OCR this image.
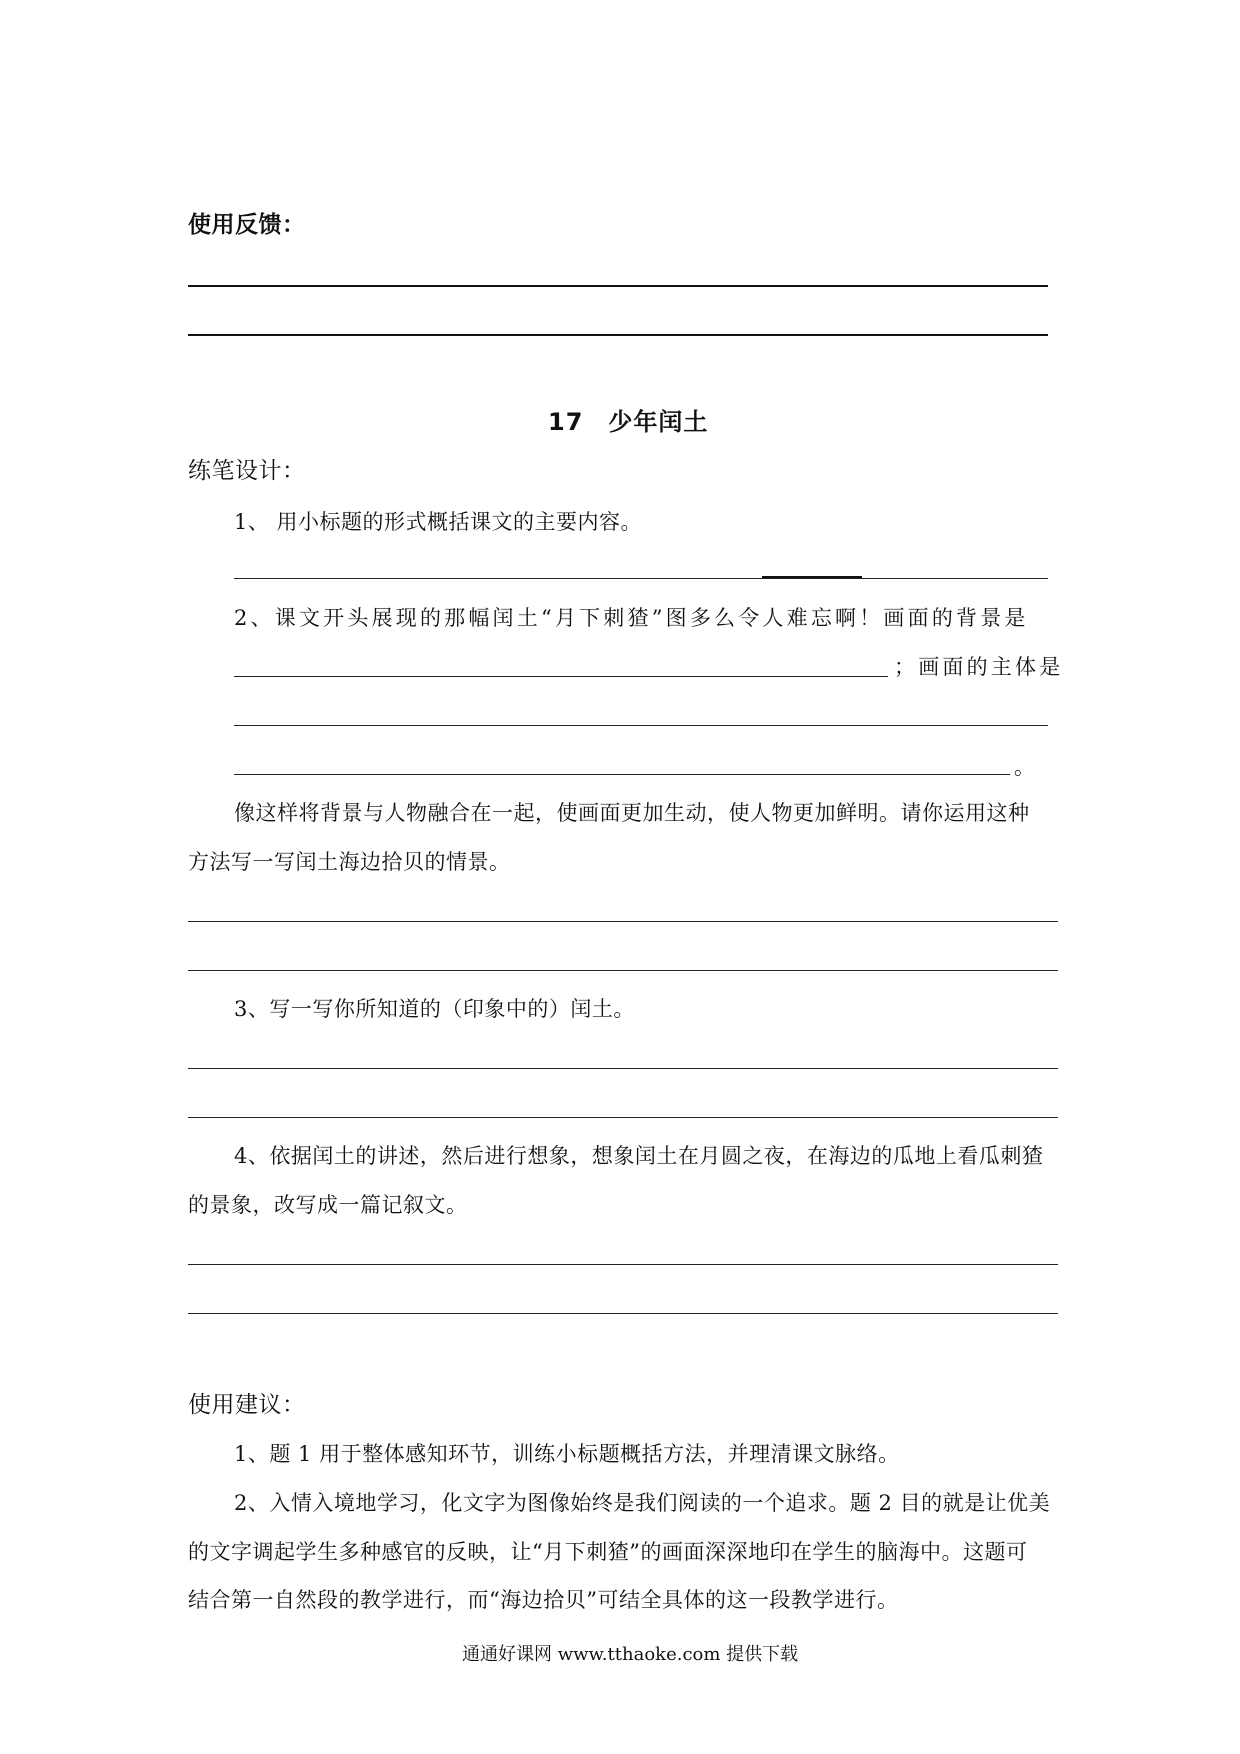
使用反馈：
17　少年闰土
练笔设计：
1、 用小标题的形式概括课文的主要内容。
2、课文开头展现的那幅闰土“月下刺猹”图多么令人难忘啊！画面的背景是
；画面的主体是
。
像这样将背景与人物融合在一起，使画面更加生动，使人物更加鲜明。请你运用这种
方法写一写闰土海边拾贝的情景。
3、写一写你所知道的（印象中的）闰土。
4、依据闰土的讲述，然后进行想象，想象闰土在月圆之夜，在海边的瓜地上看瓜刺猹
的景象，改写成一篇记叙文。
使用建议：
1、题 1 用于整体感知环节，训练小标题概括方法，并理清课文脉络。
2、入情入境地学习，化文字为图像始终是我们阅读的一个追求。题 2 目的就是让优美
的文字调起学生多种感官的反映，让“月下刺猹”的画面深深地印在学生的脑海中。这题可
结合第一自然段的教学进行，而“海边拾贝”可结全具体的这一段教学进行。
通通好课网 www.tthaoke.com 提供下载
